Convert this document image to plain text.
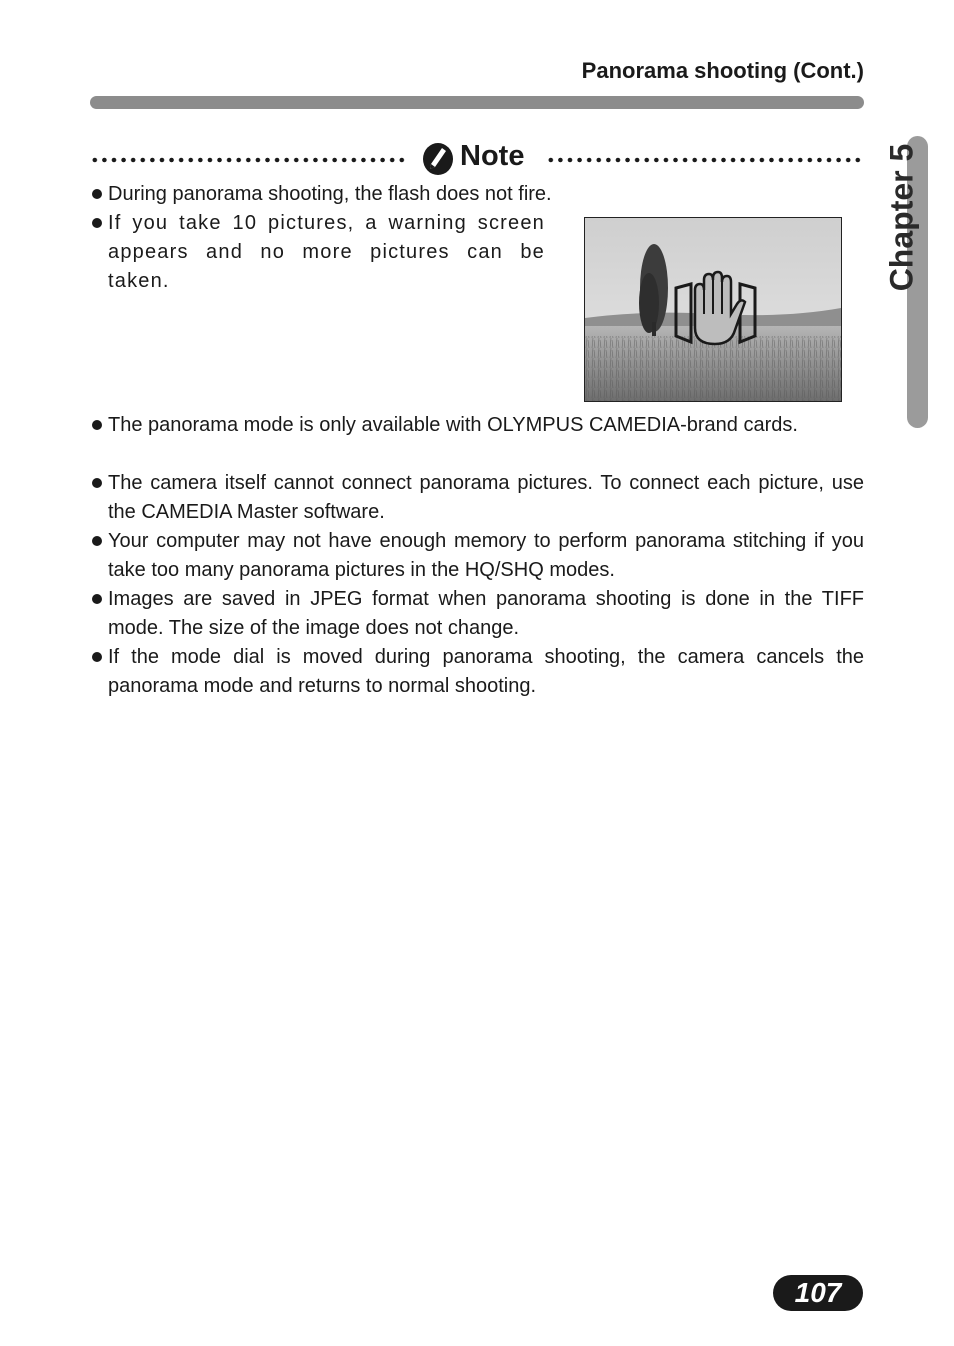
Panorama shooting (Cont.)
Chapter 5
Note
During panorama shooting, the flash does not fire.
If you take 10 pictures, a warning screen appears and no more pictures can be taken.
The panorama mode is only available with OLYMPUS CAMEDIA-brand cards.
The camera itself cannot connect panorama pictures. To connect each picture, use the CAMEDIA Master software.
Your computer may not have enough memory to perform panorama stitching if you take too many panorama pictures in the HQ/SHQ modes.
Images are saved in JPEG format when panorama shooting is done in the TIFF mode. The size of the image does not change.
If the mode dial is moved during panorama shooting, the camera cancels the panorama mode and returns to normal shooting.
107
